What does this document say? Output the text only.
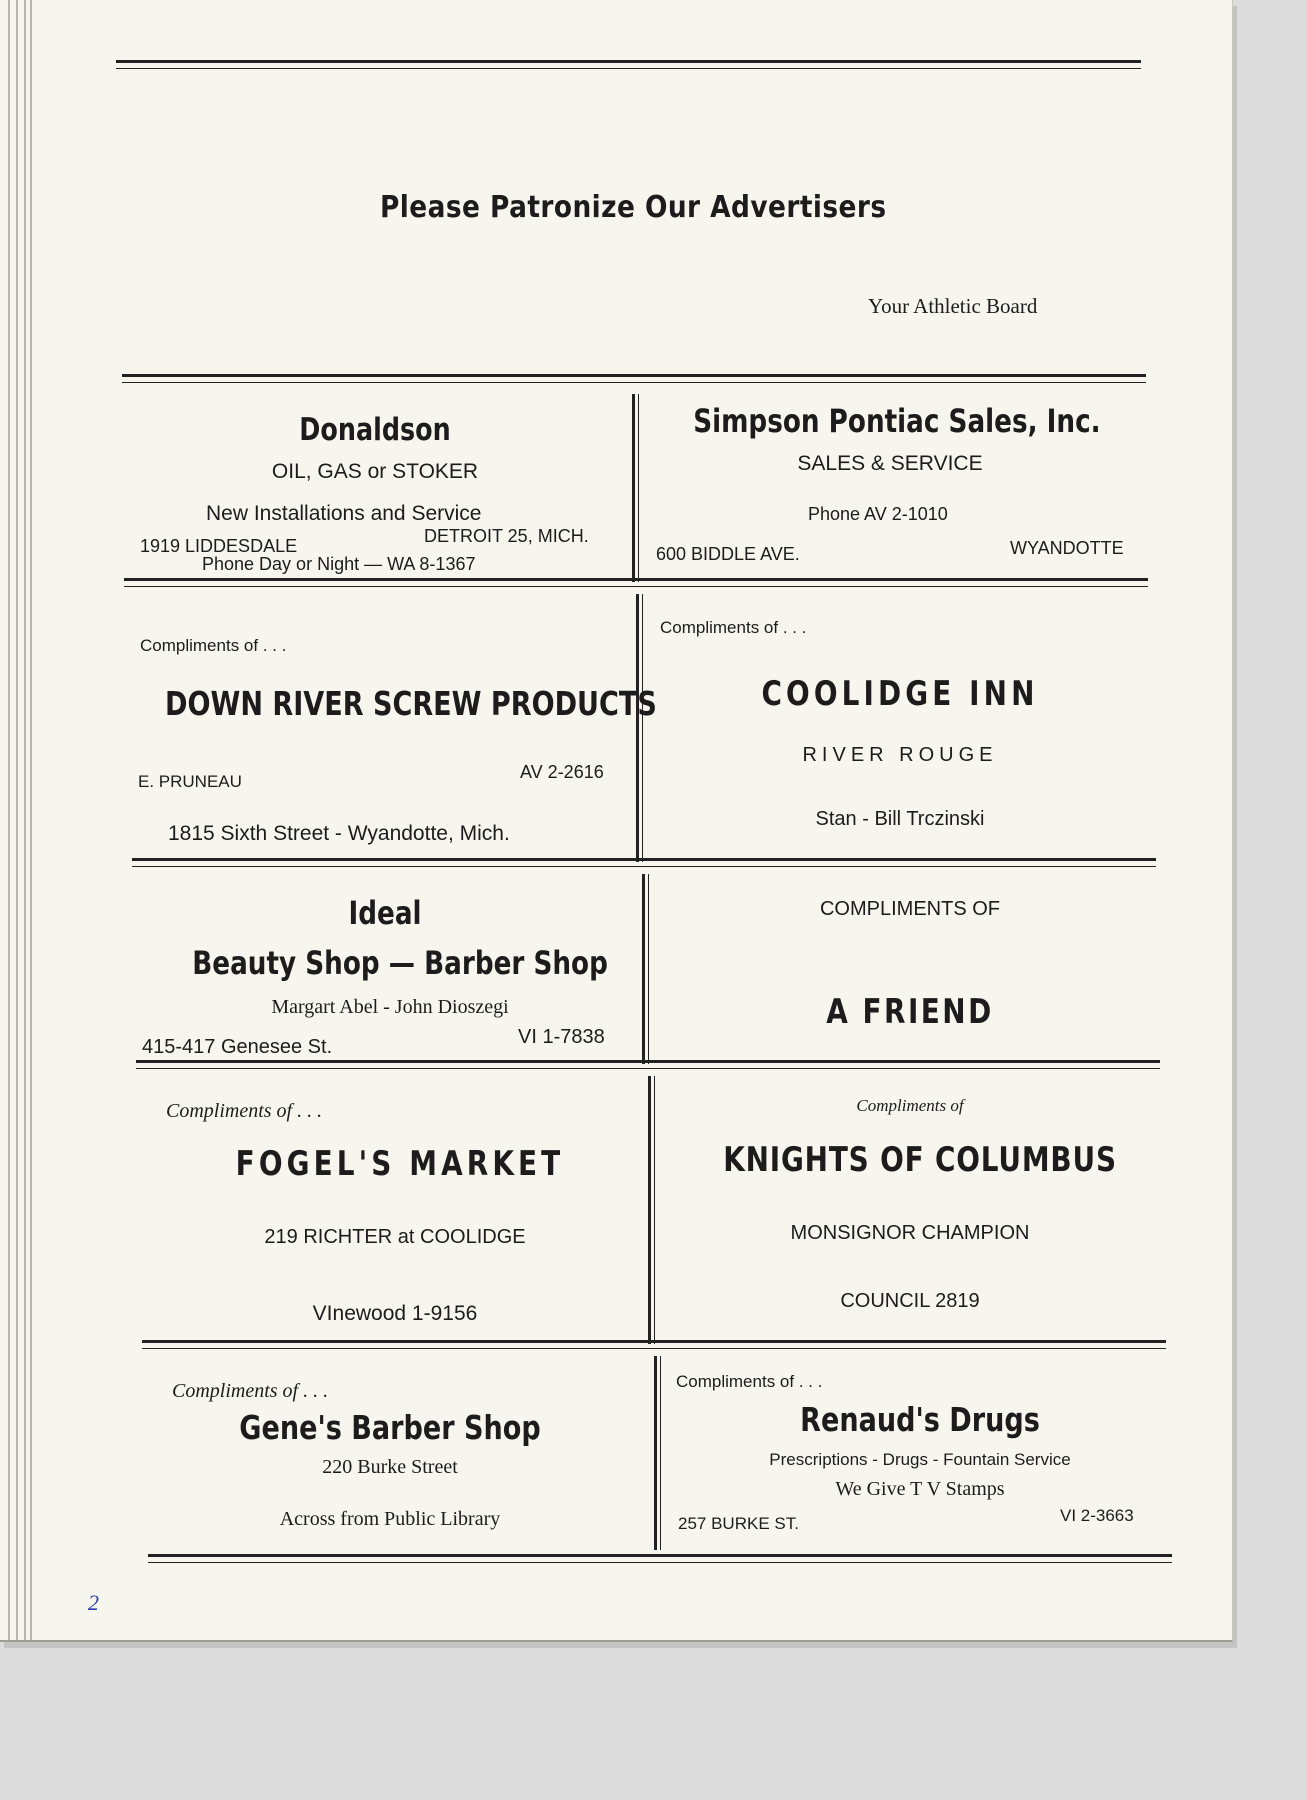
Please Patronize Our Advertisers
Your Athletic Board
Donaldson
OIL, GAS or STOKER
New Installations and Service
1919 LIDDESDALE	DETROIT 25, MICH.
Phone Day or Night — WA 8-1367
Simpson Pontiac Sales, Inc.
SALES & SERVICE
Phone AV 2-1010
600 BIDDLE AVE.	WYANDOTTE
Compliments of . . .
DOWN RIVER SCREW PRODUCTS
E. PRUNEAU	AV 2-2616
1815 Sixth Street - Wyandotte, Mich.
Compliments of . . .
COOLIDGE INN
RIVER ROUGE
Stan - Bill Trczinski
Ideal
Beauty Shop — Barber Shop
Margart Abel - John Dioszegi
415-417 Genesee St.	VI 1-7838
COMPLIMENTS OF
A FRIEND
Compliments of . . .
FOGEL'S MARKET
219 RICHTER at COOLIDGE
VInewood 1-9156
Compliments of
KNIGHTS OF COLUMBUS
MONSIGNOR CHAMPION
COUNCIL 2819
Compliments of . . .
Gene's Barber Shop
220 Burke Street
Across from Public Library
Compliments of . . .
Renaud's Drugs
Prescriptions - Drugs - Fountain Service
We Give T V Stamps
257 BURKE ST.	VI 2-3663
2
